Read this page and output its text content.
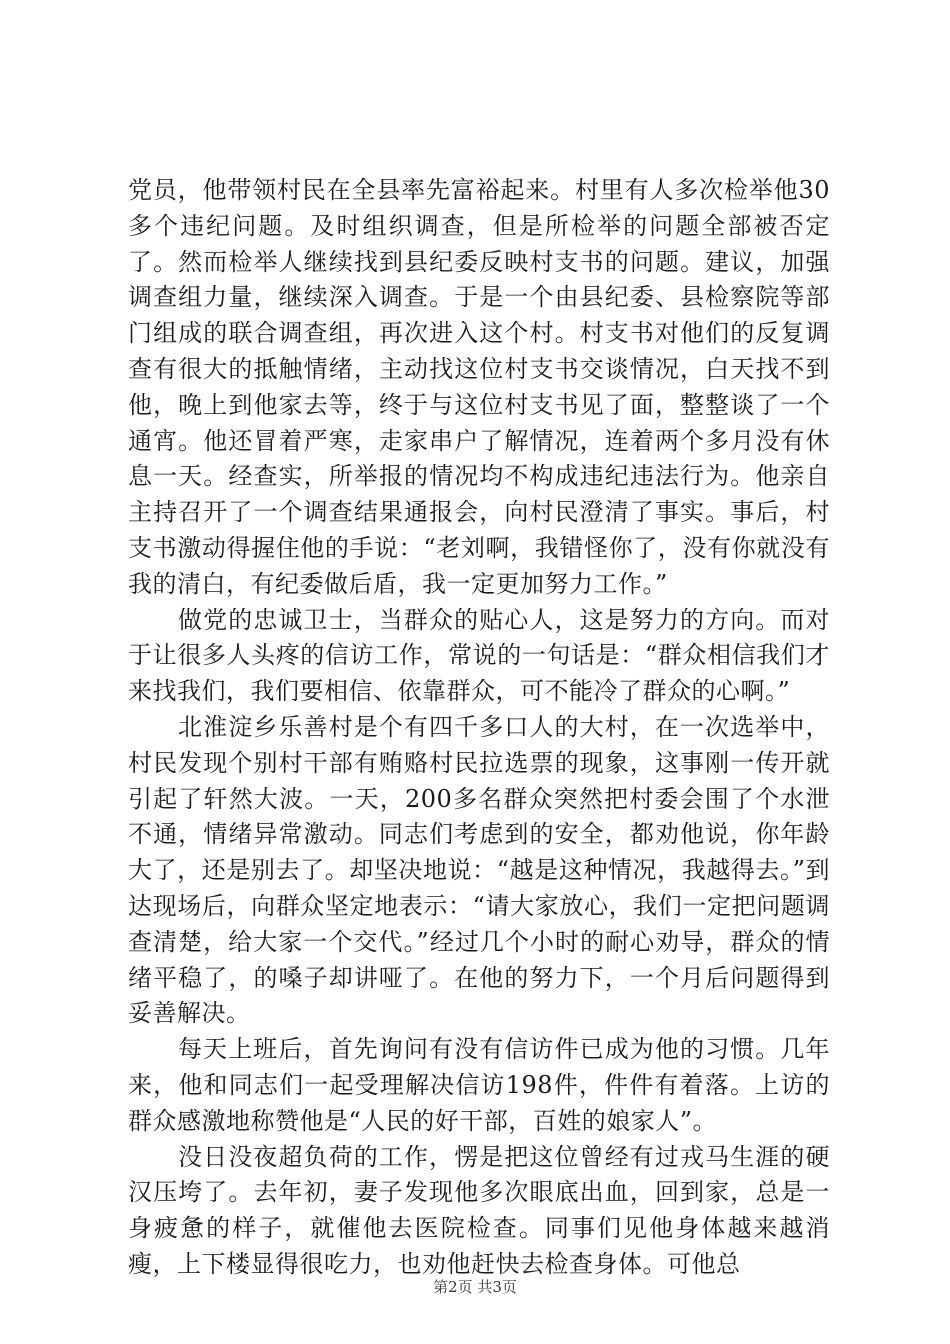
党员，他带领村民在全县率先富裕起来。村里有人多次检举他30多个违纪问题。及时组织调查，但是所检举的问题全部被否定了。然而检举人继续找到县纪委反映村支书的问题。建议，加强调查组力量，继续深入调查。于是一个由县纪委、县检察院等部门组成的联合调查组，再次进入这个村。村支书对他们的反复调查有很大的抵触情绪，主动找这位村支书交谈情况，白天找不到他，晚上到他家去等，终于与这位村支书见了面，整整谈了一个通宵。他还冒着严寒，走家串户了解情况，连着两个多月没有休息一天。经查实，所举报的情况均不构成违纪违法行为。他亲自主持召开了一个调查结果通报会，向村民澄清了事实。事后，村支书激动得握住他的手说：“老刘啊，我错怪你了，没有你就没有我的清白，有纪委做后盾，我一定更加努力工作。”

做党的忠诚卫士，当群众的贴心人，这是努力的方向。而对于让很多人头疼的信访工作，常说的一句话是：“群众相信我们才来找我们，我们要相信、依靠群众，可不能冷了群众的心啊。”

北淮淀乡乐善村是个有四千多口人的大村，在一次选举中，村民发现个别村干部有贿赂村民拉选票的现象，这事刚一传开就引起了轩然大波。一天，200多名群众突然把村委会围了个水泄不通，情绪异常激动。同志们考虑到的安全，都劝他说，你年龄大了，还是别去了。却坚决地说：“越是这种情况，我越得去。”到达现场后，向群众坚定地表示：“请大家放心，我们一定把问题调查清楚，给大家一个交代。”经过几个小时的耐心劝导，群众的情绪平稳了，的嗓子却讲哑了。在他的努力下，一个月后问题得到妥善解决。

每天上班后，首先询问有没有信访件已成为他的习惯。几年来，他和同志们一起受理解决信访198件，件件有着落。上访的群众感激地称赞他是“人民的好干部，百姓的娘家人”。

没日没夜超负荷的工作，愣是把这位曾经有过戎马生涯的硬汉压垮了。去年初，妻子发现他多次眼底出血，回到家，总是一身疲惫的样子，就催他去医院检查。同事们见他身体越来越消瘦，上下楼显得很吃力，也劝他赶快去检查身体。可他总

第2页 共3页
